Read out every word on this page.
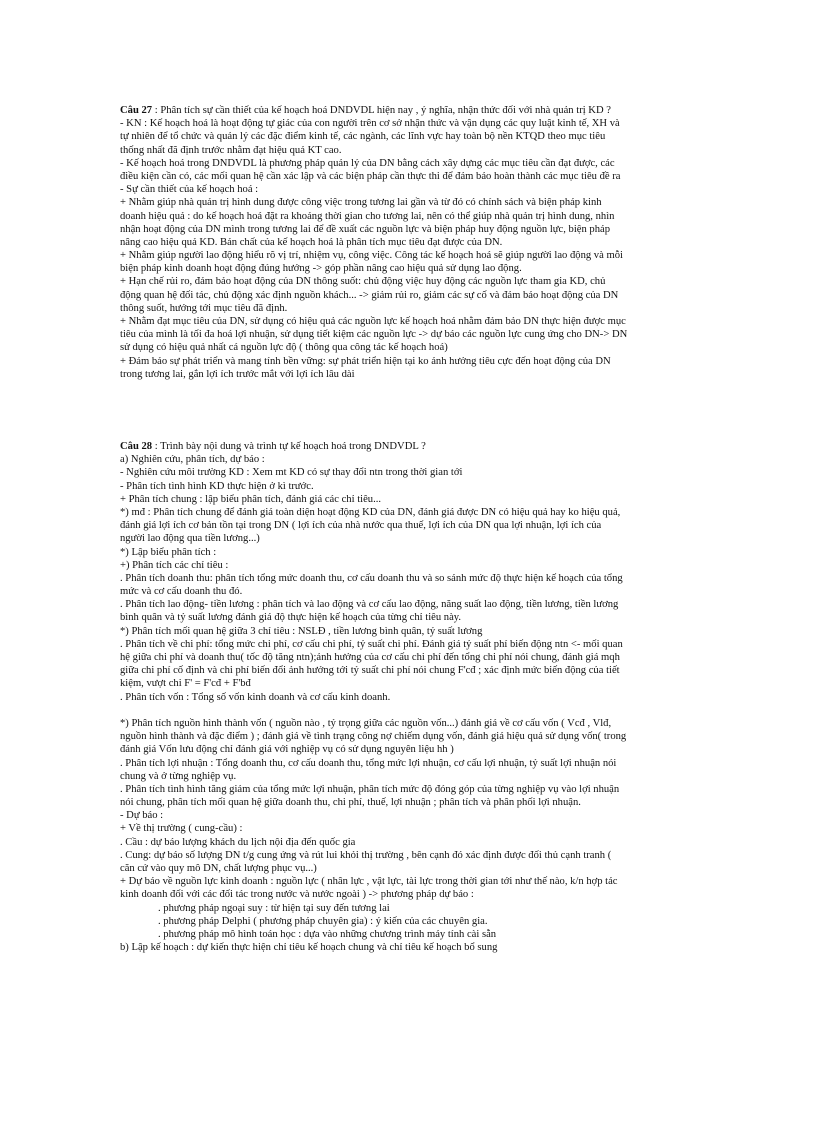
Câu 27 : Phân tích sự cần thiết của kế hoạch hoá DNDVDL hiện nay , ý nghĩa, nhận thức đối với nhà quản trị KD ?
- KN : Kế hoạch hoá là hoạt động tự giác của con người trên cơ sở nhận thức và vận dụng các quy luật kinh tế, XH và
tự nhiên để tổ chức và quản lý các đặc điểm kinh tế, các ngành, các lĩnh vực hay toàn bộ nền KTQD theo mục tiêu
thống nhất đã định trước nhằm đạt hiệu quả KT cao.
- Kế hoạch hoá trong DNDVDL là phương pháp quản lý của DN bằng cách xây dựng các mục tiêu cần đạt được, các
điều kiện cần có, các mối quan hệ cần xác lập và các biện pháp cần thực thi để đảm bảo hoàn thành các mục tiêu đề ra
- Sự cần thiết của kế hoạch hoá :
+ Nhằm giúp nhà quản trị hình dung được công việc trong tương lai gần và từ đó có chính sách và biện pháp kinh
doanh hiệu quả : do kế hoạch hoá đặt ra khoảng thời gian cho tương lai, nên có thể giúp nhà quản trị hình dung, nhìn
nhận hoạt động của DN mình trong tương lai để đề xuất các nguồn lực và biện pháp huy động nguồn lực, biện pháp
nâng cao hiệu quả KD. Bản chất của kế hoạch hoá là phân tích mục tiêu đạt được của DN.
+ Nhằm giúp người lao động hiểu rõ vị trí, nhiệm vụ, công việc. Công tác kế hoạch hoá sẽ giúp người lao động và mỗi
biện pháp kinh doanh hoạt động đúng hướng -> góp phần nâng cao hiệu quả sử dụng lao động.
+ Hạn chế rủi ro, đảm bảo hoạt động của DN thông suốt: chủ động việc huy động các nguồn lực tham gia KD, chủ
động quan hệ đối tác, chủ động xác định nguồn khách... -> giảm rủi ro, giảm các sự cố và đảm bảo hoạt động của DN
thông suốt, hướng tới mục tiêu đã định.
+ Nhằm đạt mục tiêu của DN, sử dụng có hiệu quả các nguồn lực kế hoạch hoá nhằm đảm bảo DN thực hiện được mục
tiêu của mình là tối đa hoá lợi nhuận, sử dụng tiết kiệm các nguồn lực -> dự báo các nguồn lực cung ứng cho DN-> DN
sử dụng có hiệu quả nhất cá nguồn lực độ ( thông qua công tác kế hoạch hoá)
+ Đảm bảo sự phát triển và mang tính bền vững: sự phát triển hiện tại ko ảnh hưởng tiêu cực đến hoạt động của DN
trong tương lai, gắn lợi ích trước mắt với lợi ích lâu dài
Câu 28 : Trình bày nội dung và trình tự kế hoạch hoá trong DNDVDL ?
a) Nghiên cứu, phân tích, dự báo :
- Nghiên cứu môi trường KD : Xem mt KD có sự thay đổi ntn trong thời gian tới
- Phân tích tình hình KD thực hiện ở kì trước.
+ Phân tích chung : lập biểu phân tích, đánh giá các chỉ tiêu...
*) mđ : Phân tích chung để đánh giá toàn diện hoạt động KD của DN, đánh giá được DN có hiệu quả hay ko hiệu quả,
đánh giá lợi ích cơ bản tồn tại trong DN ( lợi ích của nhà nước qua thuế, lợi ích của DN qua lợi nhuận, lợi ích của
người lao động qua tiền lương...)
*) Lập biểu phân tích :
+) Phân tích các chỉ tiêu :
. Phân tích doanh thu: phân tích tổng mức doanh thu, cơ cấu doanh thu và so sánh mức độ thực hiện kế hoạch của tổng
mức và cơ cấu doanh thu đó.
. Phân tích lao động- tiền lương : phân tích và lao động và cơ cấu lao động, năng suất lao động, tiền lương, tiền lương
bình quân và tỷ suất lương đánh giá độ thực hiện kế hoạch của từng chỉ tiêu này.
*) Phân tích mối quan hệ giữa 3 chỉ tiêu : NSLĐ , tiền lương bình quân, tỷ suất lương
. Phân tích về chi phí: tổng mức chi phí, cơ cấu chi phí, tỷ suất chi phí. Đánh giá tỷ suất phí biến động ntn <- mối quan
hệ giữa chi phí và doanh thu( tốc độ tăng ntn);ảnh hưởng của cơ cấu chi phí đến tổng chi phí nói chung, đánh giá mqh
giữa chi phí cố định và chi phí biến đổi ảnh hưởng tới tỷ suất chi phí nói chung F'cđ ; xác định mức biến động của tiết
kiệm, vượt chi F' = F'cđ + F'bđ
. Phân tích vốn : Tổng số vốn kinh doanh và cơ cấu kinh doanh.
*) Phân tích nguồn hình thành vốn ( nguồn nào , tỷ trọng giữa các nguồn vốn...) đánh giá về cơ cấu vốn ( Vcđ , Vlđ,
nguồn hình thành và đặc điểm ) ; đánh giá về tình trạng công nợ chiếm dụng vốn, đánh giá hiệu quả sử dụng vốn( trong
đánh giá Vốn lưu động chỉ đánh giá với nghiệp vụ có sử dụng nguyên liệu hh )
. Phân tích lợi nhuận : Tổng doanh thu, cơ cấu doanh thu, tổng mức lợi nhuận, cơ cấu lợi nhuận, tỷ suất lợi nhuận nói
chung và ở từng nghiệp vụ.
. Phân tích tình hình tăng giảm của tổng mức lợi nhuận, phân tích mức độ đóng góp của từng nghiệp vụ vào lợi nhuận
nói chung, phân tích mối quan hệ giữa doanh thu, chi phí, thuế, lợi nhuận ; phân tích và phân phối lợi nhuận.
- Dự báo :
+ Về thị trường ( cung-cầu) :
. Cầu : dự báo lượng khách du lịch nội địa đến quốc gia
. Cung: dự báo số lượng DN t/g cung ứng và rút lui khỏi thị trường , bên cạnh đó xác định được đối thủ cạnh tranh (
căn cứ vào quy mô DN, chất lượng phục vụ...)
+ Dự báo về nguồn lực kinh doanh : nguồn lực ( nhân lực , vật lực, tài lực trong thời gian tới như thế nào, k/n hợp tác
kinh doanh đối với các đối tác trong nước và nước ngoài ) -> phương pháp dự báo :
. phương pháp ngoại suy : từ hiện tại suy đến tương lai
. phương pháp Delphi ( phương pháp chuyên gia) : ý kiến của các chuyên gia.
. phương pháp mô hình toán học : dựa vào những chương trình máy tính cài sẵn
b) Lập kế hoạch : dự kiến thực hiện chỉ tiêu kế hoạch chung và chỉ tiêu kế hoạch bổ sung
